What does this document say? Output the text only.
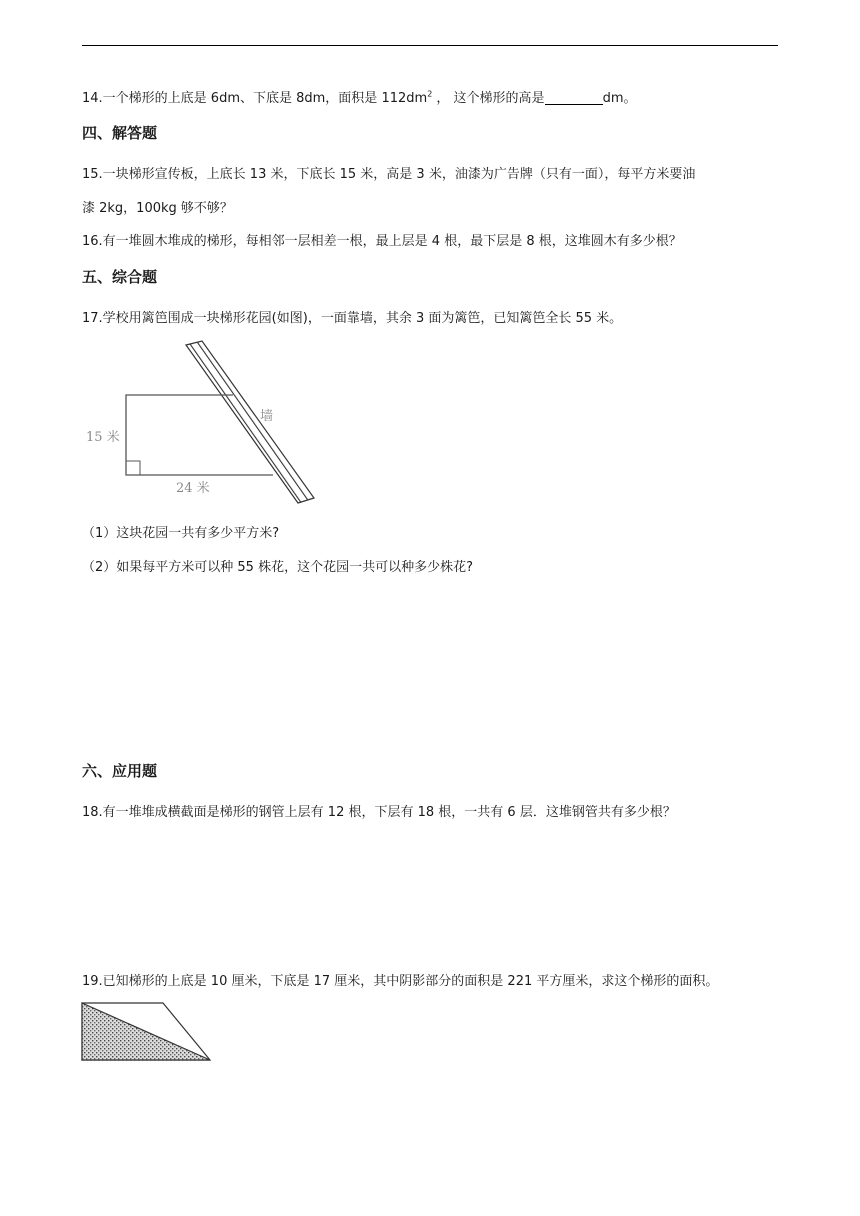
14.一个梯形的上底是 6dm、下底是 8dm，面积是 $112dm^2$ ， 这个梯形的高是	dm。
四、解答题
15.一块梯形宣传板，上底长 13 米，下底长 15 米，高是 3 米，油漆为广告牌（只有一面），每平方米要油
漆 2kg，100kg 够不够？
16.有一堆圆木堆成的梯形，每相邻一层相差一根，最上层是 4 根，最下层是 8 根，这堆圆木有多少根？
五、综合题
17.学校用篱笆围成一块梯形花园(如图)，一面靠墙，其余 3 面为篱笆，已知篱笆全长 55 米。
15 米
24 米
墙
（1）这块花园一共有多少平方米?
（2）如果每平方米可以种 55 株花，这个花园一共可以种多少株花?
六、应用题
18.有一堆堆成横截面是梯形的钢管上层有 12 根，下层有 18 根，一共有 6 层．这堆钢管共有多少根？
19.已知梯形的上底是 10 厘米，下底是 17 厘米，其中阴影部分的面积是 221 平方厘米，求这个梯形的面积。
